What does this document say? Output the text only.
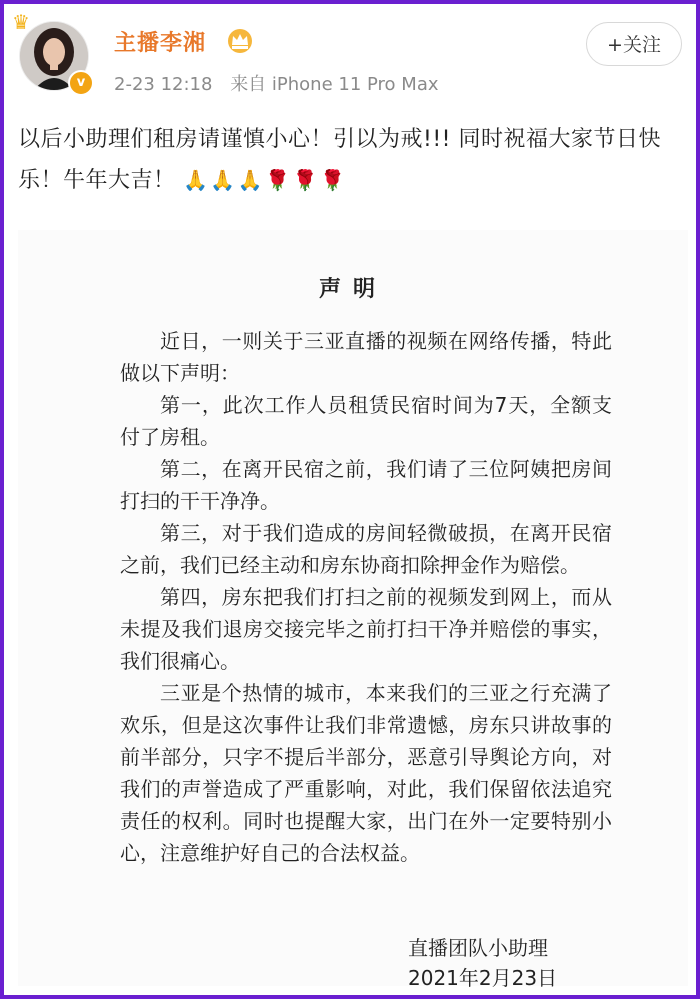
♛
v
主播李湘
2-23 12:18 来自 iPhone 11 Pro Max
+关注
以后小助理们租房请谨慎小心！引以为戒!!! 同时祝福大家节日快乐！牛年大吉！ 🙏 🙏 🙏 🌹 🌹 🌹
声明

近日，一则关于三亚直播的视频在网络传播，特此做以下声明：

第一，此次工作人员租赁民宿时间为7天，全额支付了房租。

第二，在离开民宿之前，我们请了三位阿姨把房间打扫的干干净净。

第三，对于我们造成的房间轻微破损，在离开民宿之前，我们已经主动和房东协商扣除押金作为赔偿。

第四，房东把我们打扫之前的视频发到网上，而从未提及我们退房交接完毕之前打扫干净并赔偿的事实，我们很痛心。

三亚是个热情的城市，本来我们的三亚之行充满了欢乐，但是这次事件让我们非常遗憾，房东只讲故事的前半部分，只字不提后半部分，恶意引导舆论方向，对我们的声誉造成了严重影响，对此，我们保留依法追究责任的权利。同时也提醒大家，出门在外一定要特别小心，注意维护好自己的合法权益。

直播团队小助理
2021年2月23日
